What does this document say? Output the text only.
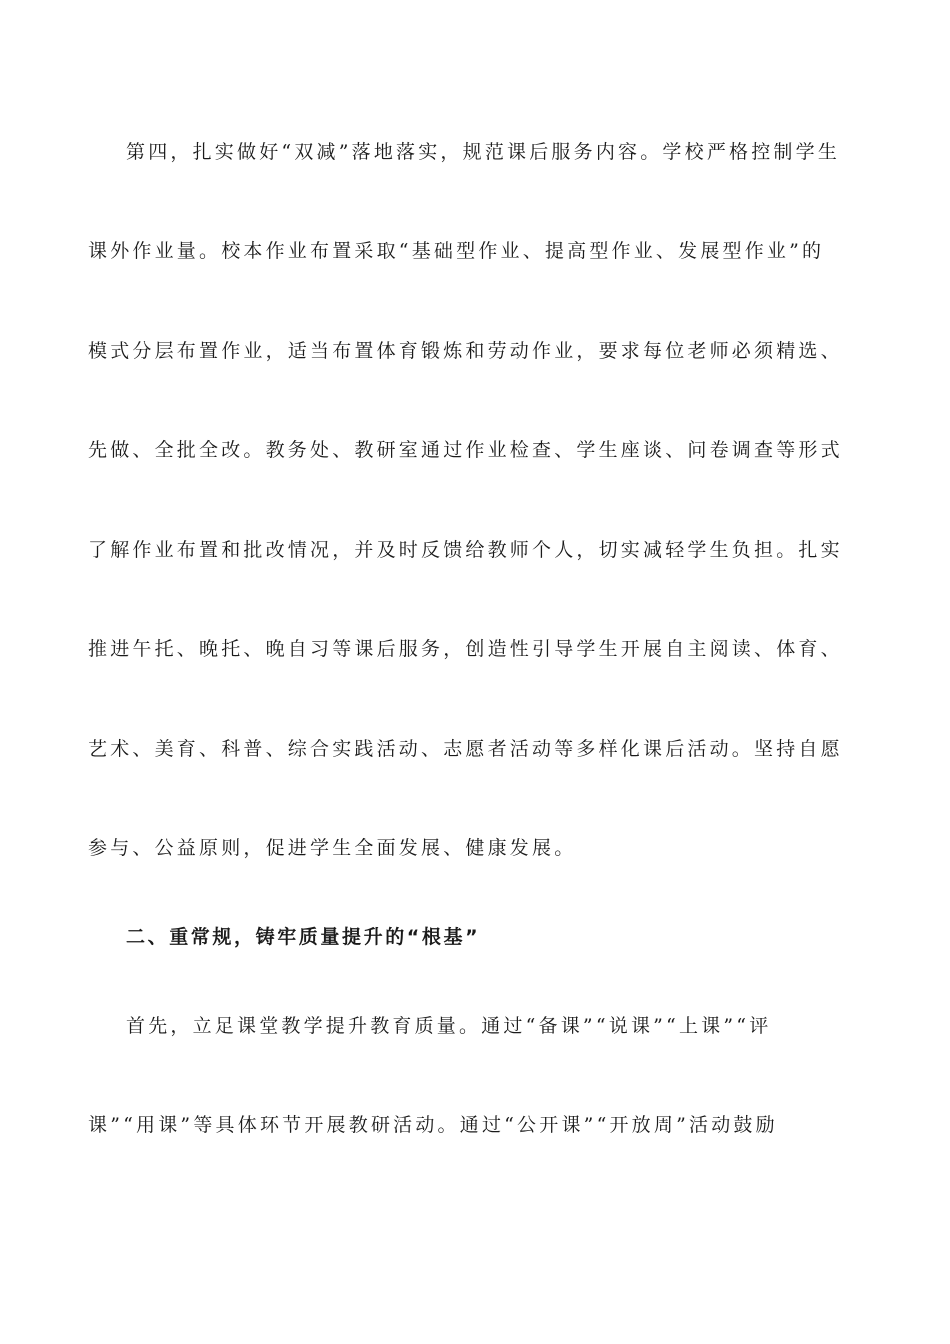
第四，扎实做好“双减”落地落实，规范课后服务内容。学校严格控制学生
课外作业量。校本作业布置采取“基础型作业、提高型作业、发展型作业”的
模式分层布置作业，适当布置体育锻炼和劳动作业，要求每位老师必须精选、
先做、全批全改。教务处、教研室通过作业检查、学生座谈、问卷调查等形式
了解作业布置和批改情况，并及时反馈给教师个人，切实减轻学生负担。扎实
推进午托、晚托、晚自习等课后服务，创造性引导学生开展自主阅读、体育、
艺术、美育、科普、综合实践活动、志愿者活动等多样化课后活动。坚持自愿
参与、公益原则，促进学生全面发展、健康发展。
二、重常规，铸牢质量提升的“根基”
首先，立足课堂教学提升教育质量。通过“备课”“说课”“上课”“评
课”“用课”等具体环节开展教研活动。通过“公开课”“开放周”活动鼓励
